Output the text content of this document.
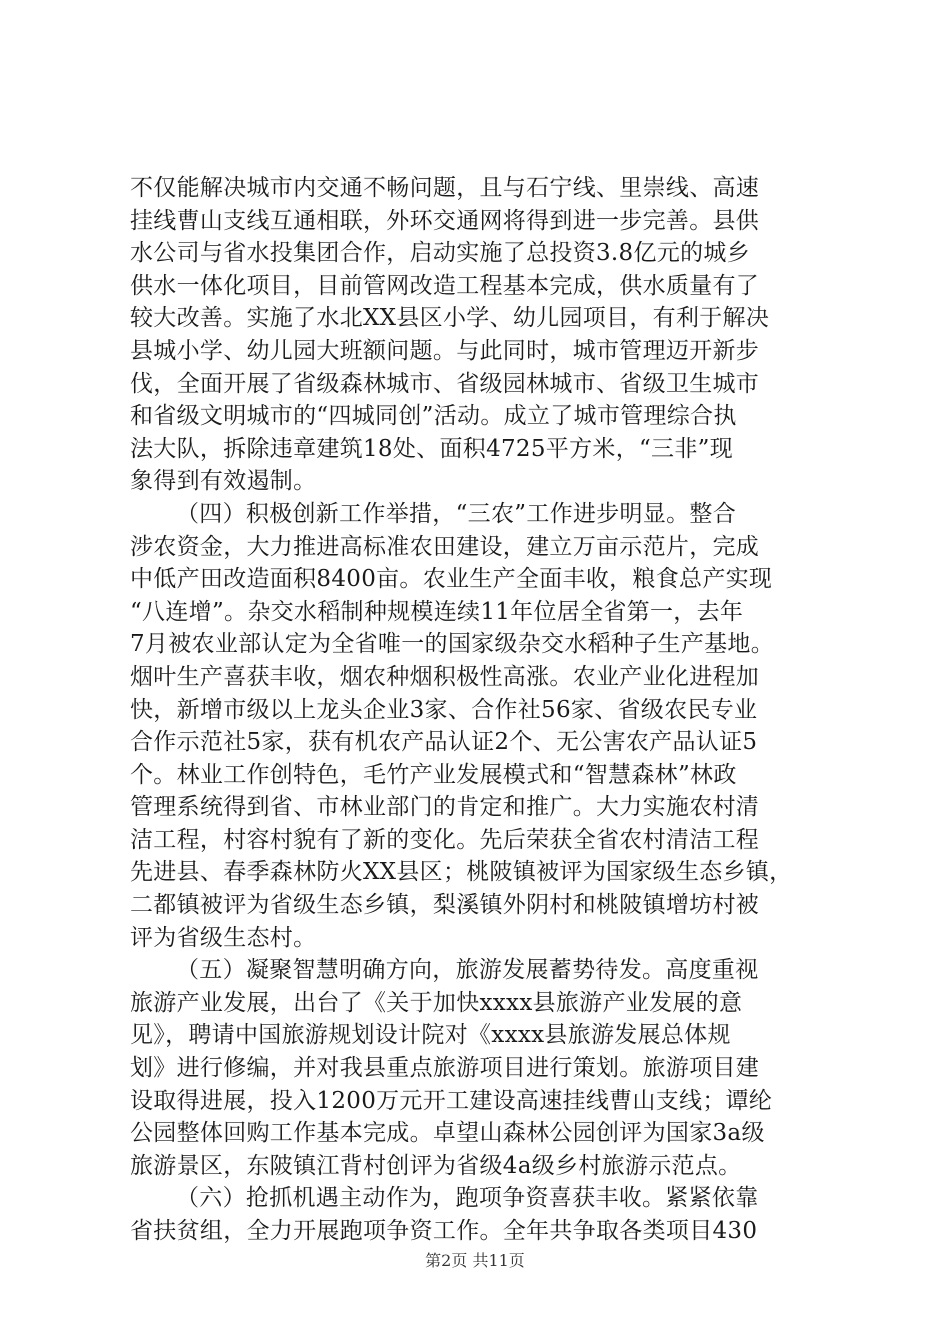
不仅能解决城市内交通不畅问题，且与石宁线、里崇线、高速
挂线曹山支线互通相联，外环交通网将得到进一步完善。县供
水公司与省水投集团合作，启动实施了总投资3.8亿元的城乡
供水一体化项目，目前管网改造工程基本完成，供水质量有了
较大改善。实施了水北XX县区小学、幼儿园项目，有利于解决
县城小学、幼儿园大班额问题。与此同时，城市管理迈开新步
伐，全面开展了省级森林城市、省级园林城市、省级卫生城市
和省级文明城市的“四城同创”活动。成立了城市管理综合执
法大队，拆除违章建筑18处、面积4725平方米，“三非”现
象得到有效遏制。
（四）积极创新工作举措，“三农”工作进步明显。整合
涉农资金，大力推进高标准农田建设，建立万亩示范片，完成
中低产田改造面积8400亩。农业生产全面丰收，粮食总产实现
“八连增”。杂交水稻制种规模连续11年位居全省第一，去年
7月被农业部认定为全省唯一的国家级杂交水稻种子生产基地。
烟叶生产喜获丰收，烟农种烟积极性高涨。农业产业化进程加
快，新增市级以上龙头企业3家、合作社56家、省级农民专业
合作示范社5家，获有机农产品认证2个、无公害农产品认证5
个。林业工作创特色，毛竹产业发展模式和“智慧森林”林政
管理系统得到省、市林业部门的肯定和推广。大力实施农村清
洁工程，村容村貌有了新的变化。先后荣获全省农村清洁工程
先进县、春季森林防火XX县区；桃陂镇被评为国家级生态乡镇，
二都镇被评为省级生态乡镇，梨溪镇外阴村和桃陂镇增坊村被
评为省级生态村。
（五）凝聚智慧明确方向，旅游发展蓄势待发。高度重视
旅游产业发展，出台了《关于加快xxxx县旅游产业发展的意
见》，聘请中国旅游规划设计院对《xxxx县旅游发展总体规
划》进行修编，并对我县重点旅游项目进行策划。旅游项目建
设取得进展，投入1200万元开工建设高速挂线曹山支线；谭纶
公园整体回购工作基本完成。卓望山森林公园创评为国家3a级
旅游景区，东陂镇江背村创评为省级4a级乡村旅游示范点。
（六）抢抓机遇主动作为，跑项争资喜获丰收。紧紧依靠
省扶贫组，全力开展跑项争资工作。全年共争取各类项目430
第2页 共11页
